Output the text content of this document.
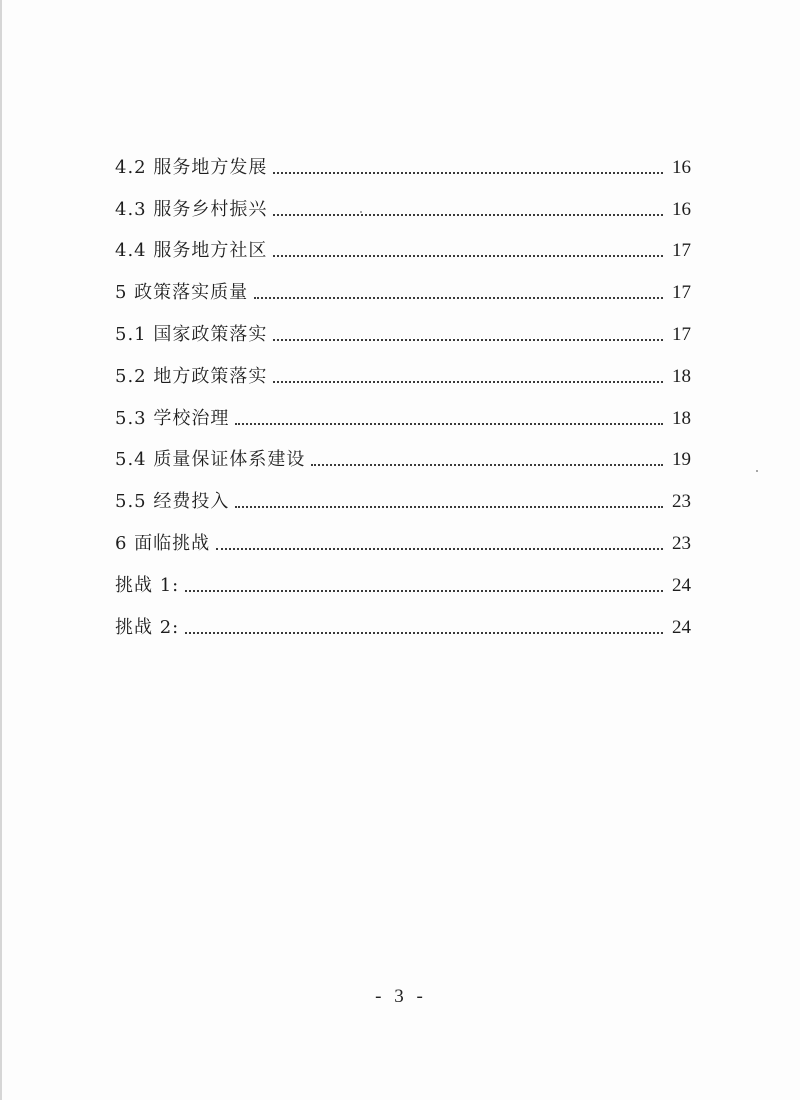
4.2 服务地方发展	16
4.3 服务乡村振兴	16
4.4 服务地方社区	17
5 政策落实质量	17
5.1 国家政策落实	17
5.2 地方政策落实	18
5.3 学校治理	18
5.4 质量保证体系建设	19
5.5 经费投入	23
6 面临挑战	23
挑战 1:	24
挑战 2:	24
- 3 -
